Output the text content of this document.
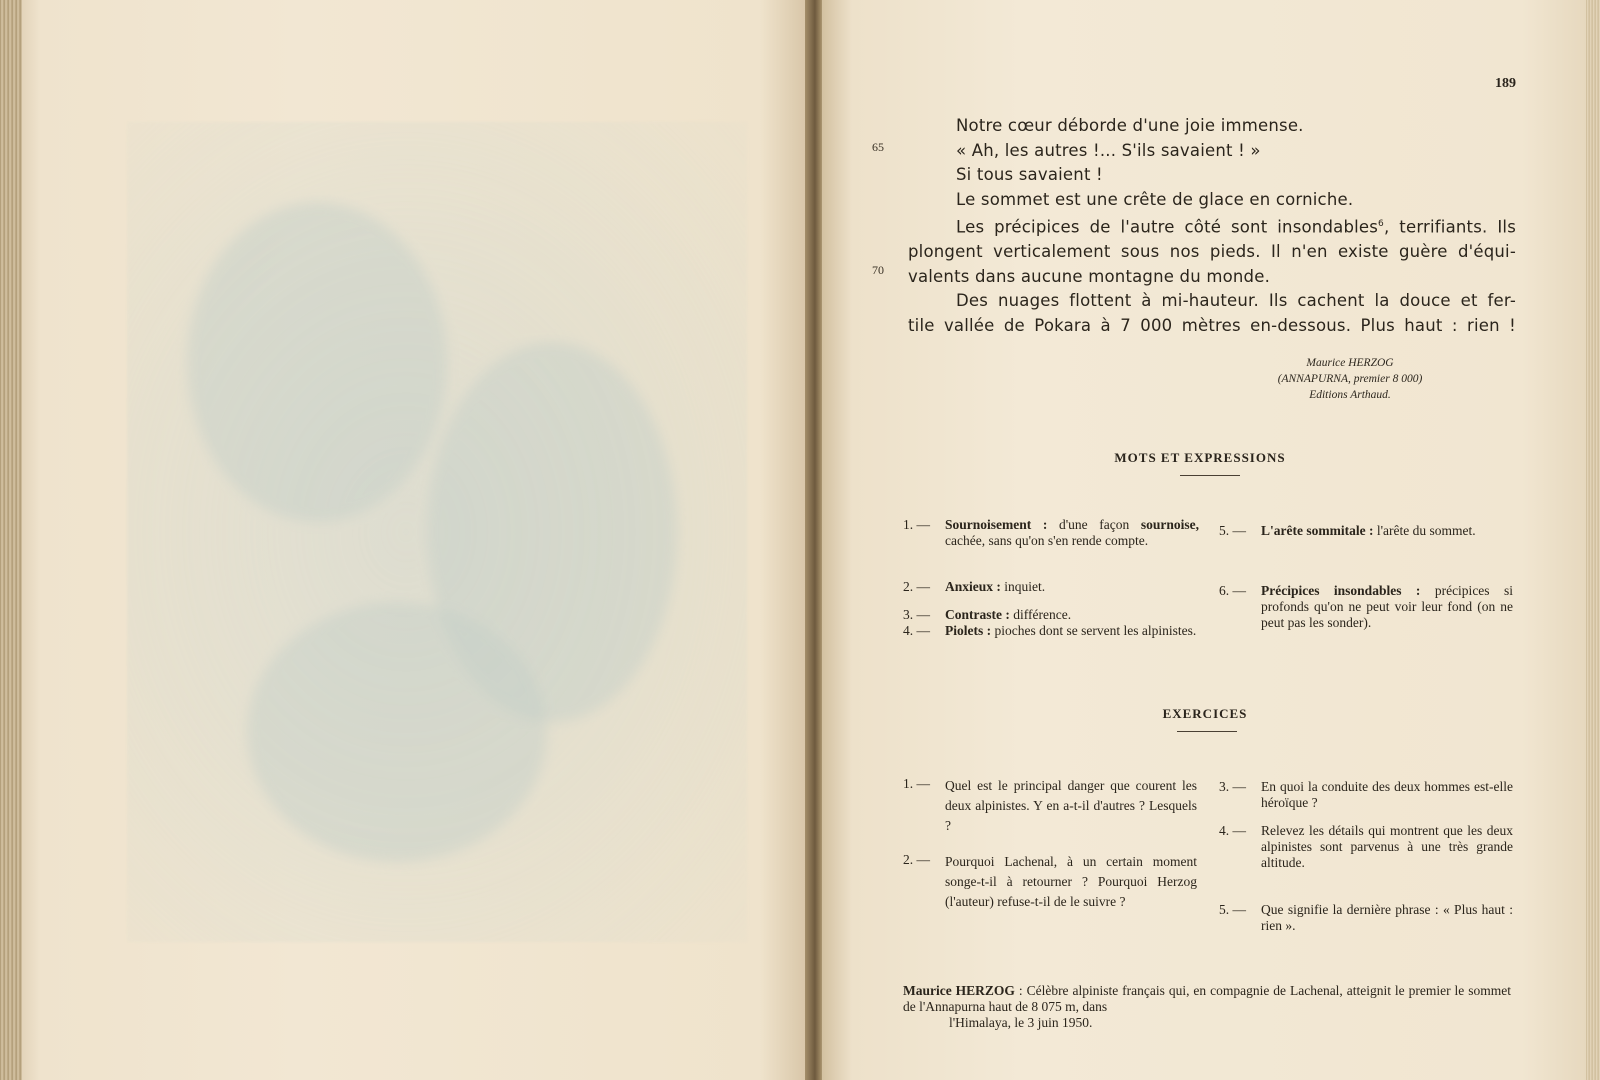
189
65
70
Notre cœur déborde d'une joie immense.
« Ah, les autres !... S'ils savaient ! »
Si tous savaient !
Le sommet est une crête de glace en corniche.
Les précipices de l'autre côté sont insondables$^6$, terrifiants. Ils
plongent verticalement sous nos pieds. Il n'en existe guère d'équi-
valents dans aucune montagne du monde.
Des nuages flottent à mi-hauteur. Ils cachent la douce et fer-
tile vallée de Pokara à 7 000 mètres en-dessous. Plus haut : rien !
Maurice HERZOG
(ANNAPURNA, premier 8 000)
Editions Arthaud.
MOTS ET EXPRESSIONS
1. —	Sournoisement : d'une façon sournoise, cachée, sans qu'on s'en rende compte.
2. —	Anxieux : inquiet.
3. —	Contraste : différence.
4. —	Piolets : pioches dont se servent les alpinistes.
5. —	L'arête sommitale : l'arête du sommet.
6. —	Précipices insondables : précipices si profonds qu'on ne peut voir leur fond (on ne peut pas les sonder).
EXERCICES
1. —	Quel est le principal danger que courent les deux alpinistes. Y en a-t-il d'autres ? Lesquels ?
2. —	Pourquoi Lachenal, à un certain moment songe-t-il à retourner ? Pourquoi Herzog (l'auteur) refuse-t-il de le suivre ?
3. —	En quoi la conduite des deux hommes est-elle héroïque ?
4. —	Relevez les détails qui montrent que les deux alpinistes sont parvenus à une très grande altitude.
5. —	Que signifie la dernière phrase : « Plus haut : rien ».
Maurice HERZOG : Célèbre alpiniste français qui, en compagnie de Lachenal, atteignit le premier le sommet de l'Annapurna haut de 8 075 m, dans
l'Himalaya, le 3 juin 1950.
